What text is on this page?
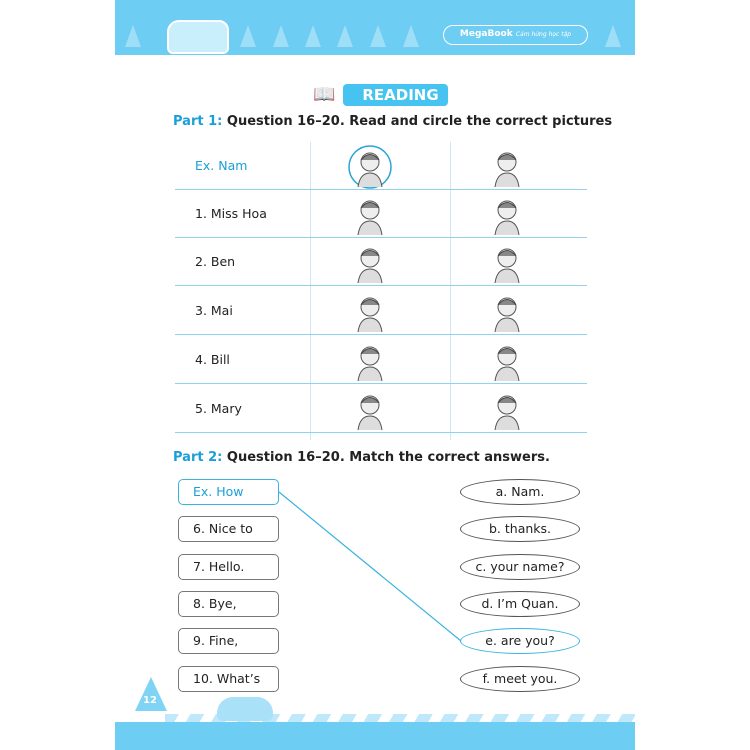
MegaBook Cảm hứng học tập
📖	READING
Part 1: Question 16–20. Read and circle the correct pictures
Ex. Nam
1. Miss Hoa
2. Ben
3. Mai
4. Bill
5. Mary
Part 2: Question 16–20. Match the correct answers.
Ex. How	a. Nam.
6. Nice to	b. thanks.
7. Hello.	c. your name?
8. Bye,	d. I’m Quan.
9. Fine,	e. are you?
10. What’s	f. meet you.
12
